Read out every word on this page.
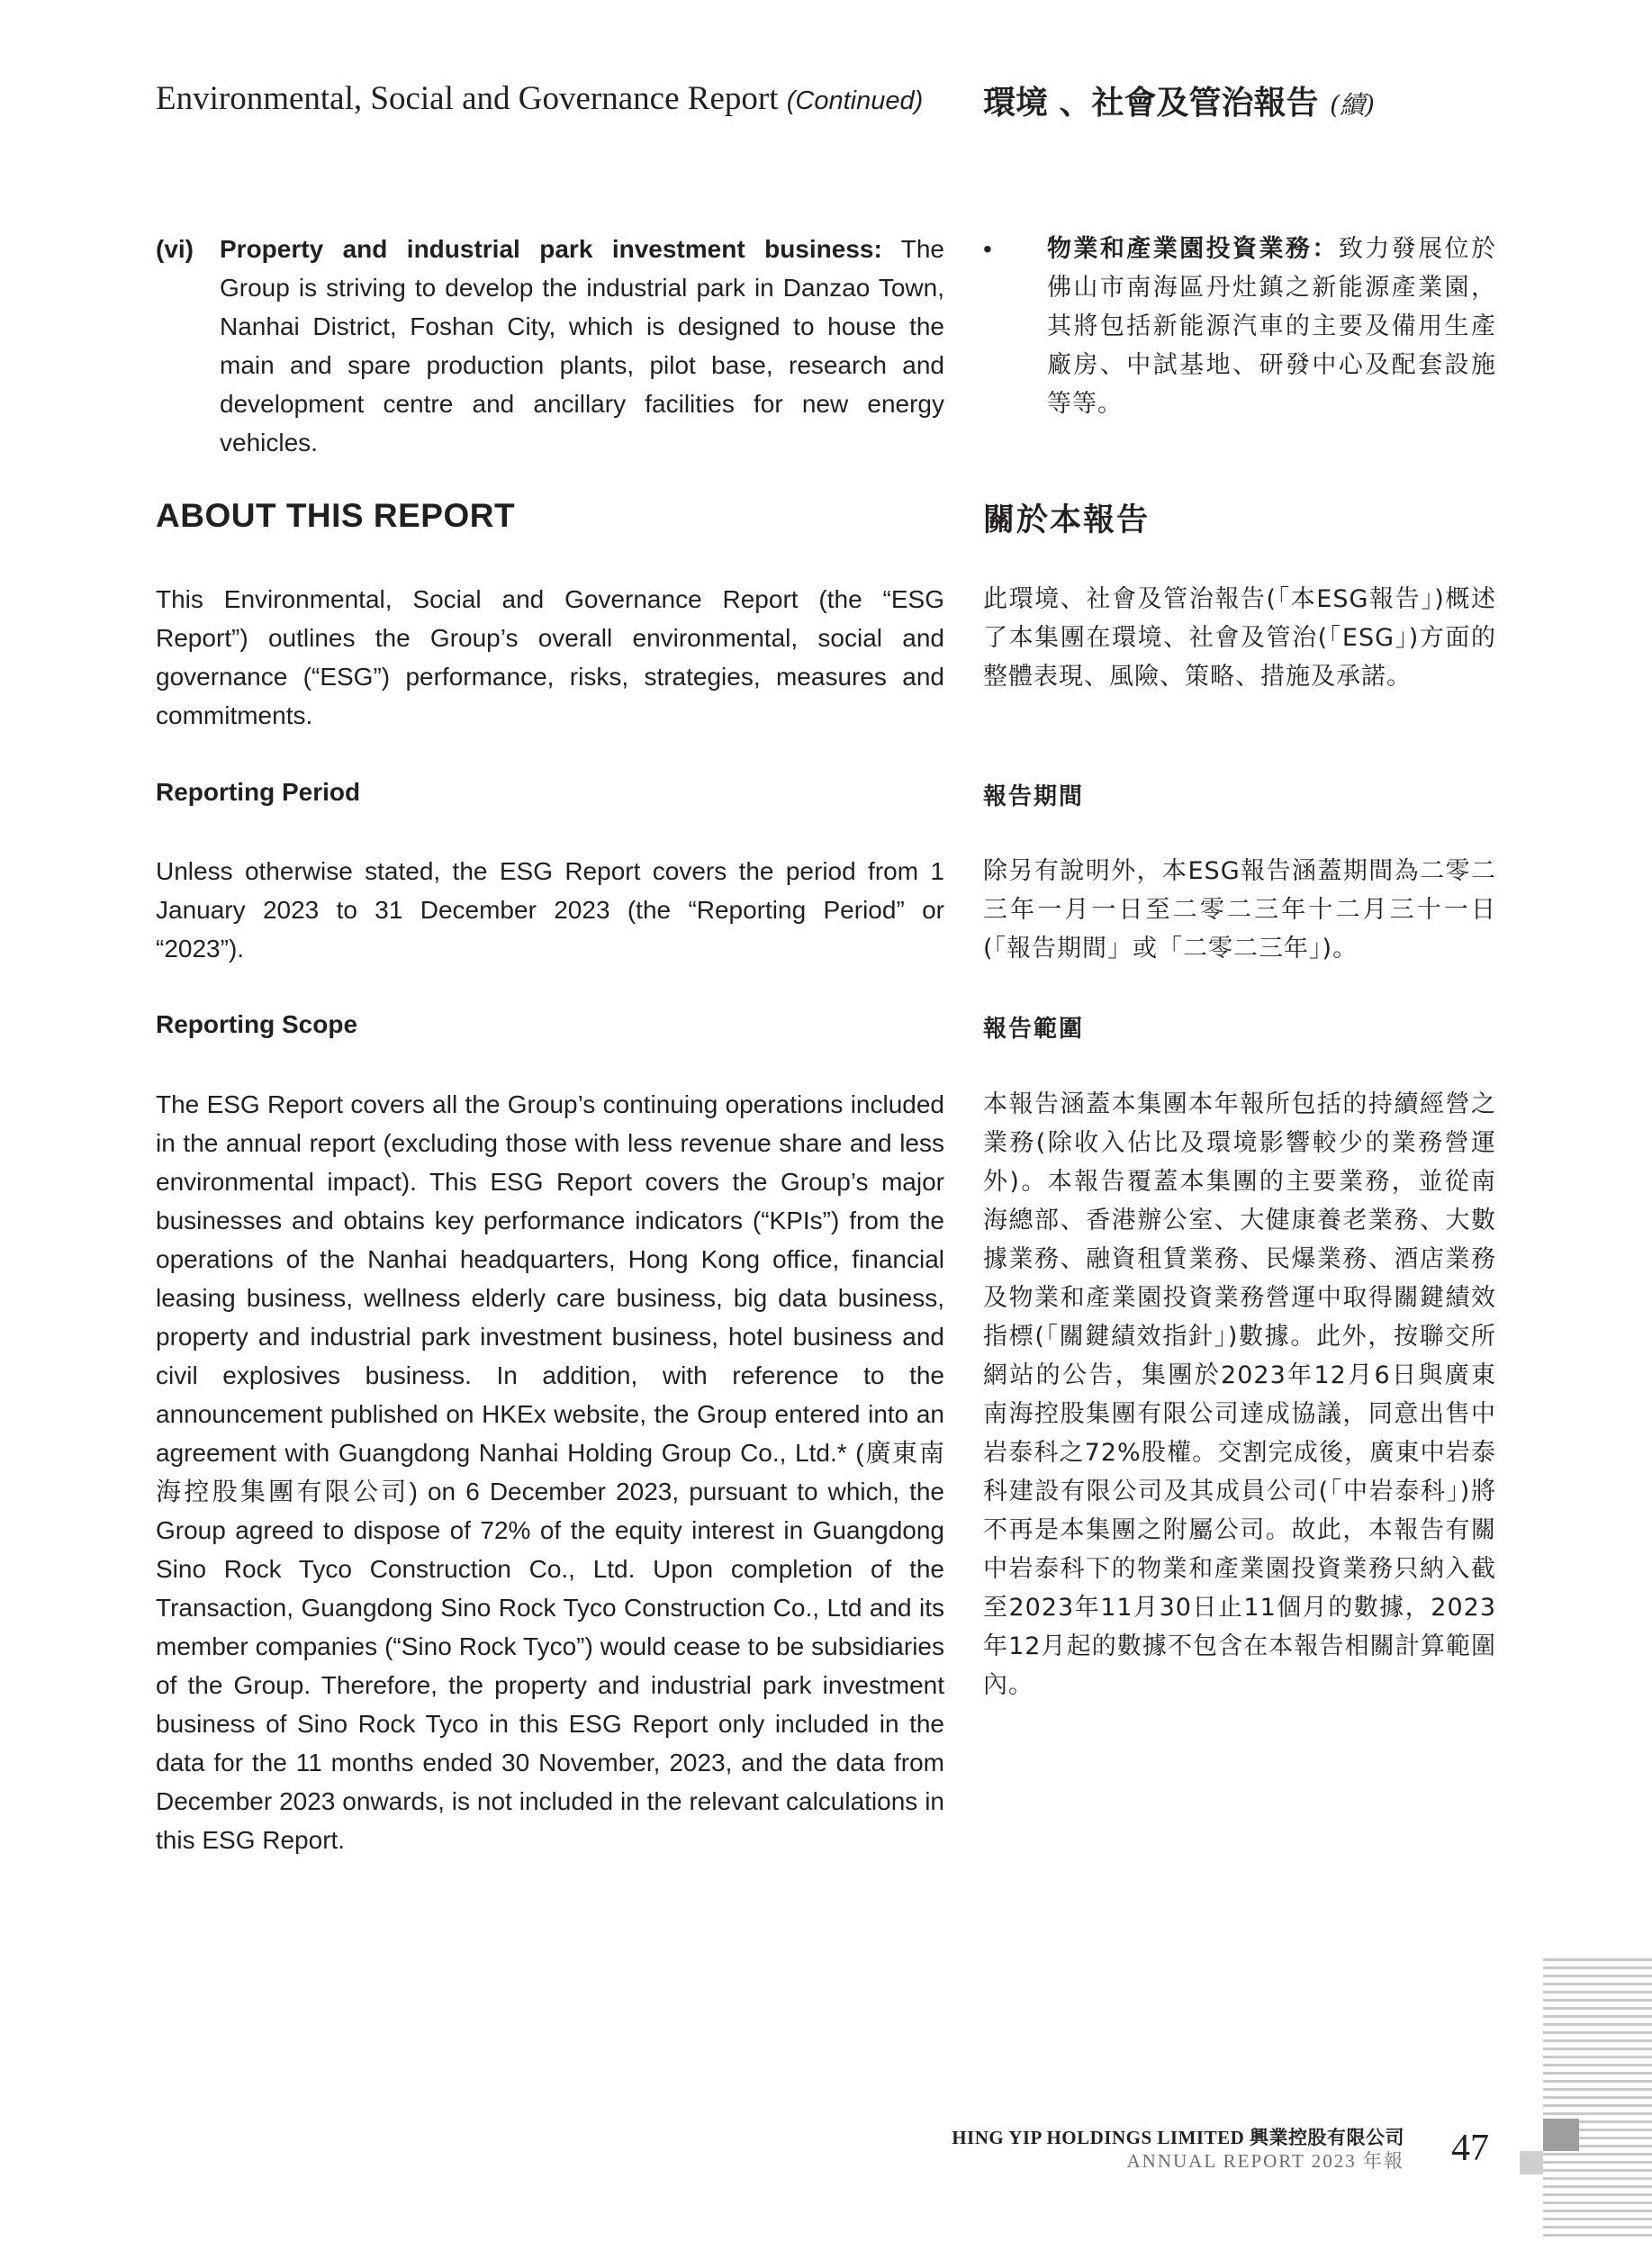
Environmental, Social and Governance Report (Continued) 環境 、社會及管治報告 (續)
(vi) Property and industrial park investment business: The Group is striving to develop the industrial park in Danzao Town, Nanhai District, Foshan City, which is designed to house the main and spare production plants, pilot base, research and development centre and ancillary facilities for new energy vehicles.

• 物業和產業園投資業務：致力發展位於佛山市南海區丹灶鎮之新能源產業園，其將包括新能源汽車的主要及備用生產廠房、中試基地、研發中心及配套設施等等。

ABOUT THIS REPORT	關於本報告

This Environmental, Social and Governance Report (the “ESG Report”) outlines the Group’s overall environmental, social and governance (“ESG”) performance, risks, strategies, measures and commitments.

此環境、社會及管治報告(「本ESG報告」)概述了本集團在環境、社會及管治(「ESG」)方面的整體表現、風險、策略、措施及承諾。

Reporting Period	報告期間

Unless otherwise stated, the ESG Report covers the period from 1 January 2023 to 31 December 2023 (the “Reporting Period” or “2023”).

除另有說明外，本ESG報告涵蓋期間為二零二三年一月一日至二零二三年十二月三十一日(「報告期間」或「二零二三年」)。

Reporting Scope	報告範圍

The ESG Report covers all the Group’s continuing operations included in the annual report (excluding those with less revenue share and less environmental impact). This ESG Report covers the Group’s major businesses and obtains key performance indicators (“KPIs”) from the operations of the Nanhai headquarters, Hong Kong office, financial leasing business, wellness elderly care business, big data business, property and industrial park investment business, hotel business and civil explosives business. In addition, with reference to the announcement published on HKEx website, the Group entered into an agreement with Guangdong Nanhai Holding Group Co., Ltd.* (廣東南海控股集團有限公司) on 6 December 2023, pursuant to which, the Group agreed to dispose of 72% of the equity interest in Guangdong Sino Rock Tyco Construction Co., Ltd. Upon completion of the Transaction, Guangdong Sino Rock Tyco Construction Co., Ltd and its member companies (“Sino Rock Tyco”) would cease to be subsidiaries of the Group. Therefore, the property and industrial park investment business of Sino Rock Tyco in this ESG Report only included in the data for the 11 months ended 30 November, 2023, and the data from December 2023 onwards, is not included in the relevant calculations in this ESG Report.

本報告涵蓋本集團本年報所包括的持續經營之業務(除收入佔比及環境影響較少的業務營運外)。本報告覆蓋本集團的主要業務，並從南海總部、香港辦公室、大健康養老業務、大數據業務、融資租賃業務、民爆業務、酒店業務及物業和產業園投資業務營運中取得關鍵績效指標(「關鍵績效指針」)數據。此外，按聯交所網站的公告，集團於2023年12月6日與廣東南海控股集團有限公司達成協議，同意出售中岩泰科之72%股權。交割完成後，廣東中岩泰科建設有限公司及其成員公司(「中岩泰科」)將不再是本集團之附屬公司。故此，本報告有關中岩泰科下的物業和產業園投資業務只納入截至2023年11月30日止11個月的數據，2023年12月起的數據不包含在本報告相關計算範圍內。

HING YIP HOLDINGS LIMITED 興業控股有限公司
ANNUAL REPORT 2023 年報 47
